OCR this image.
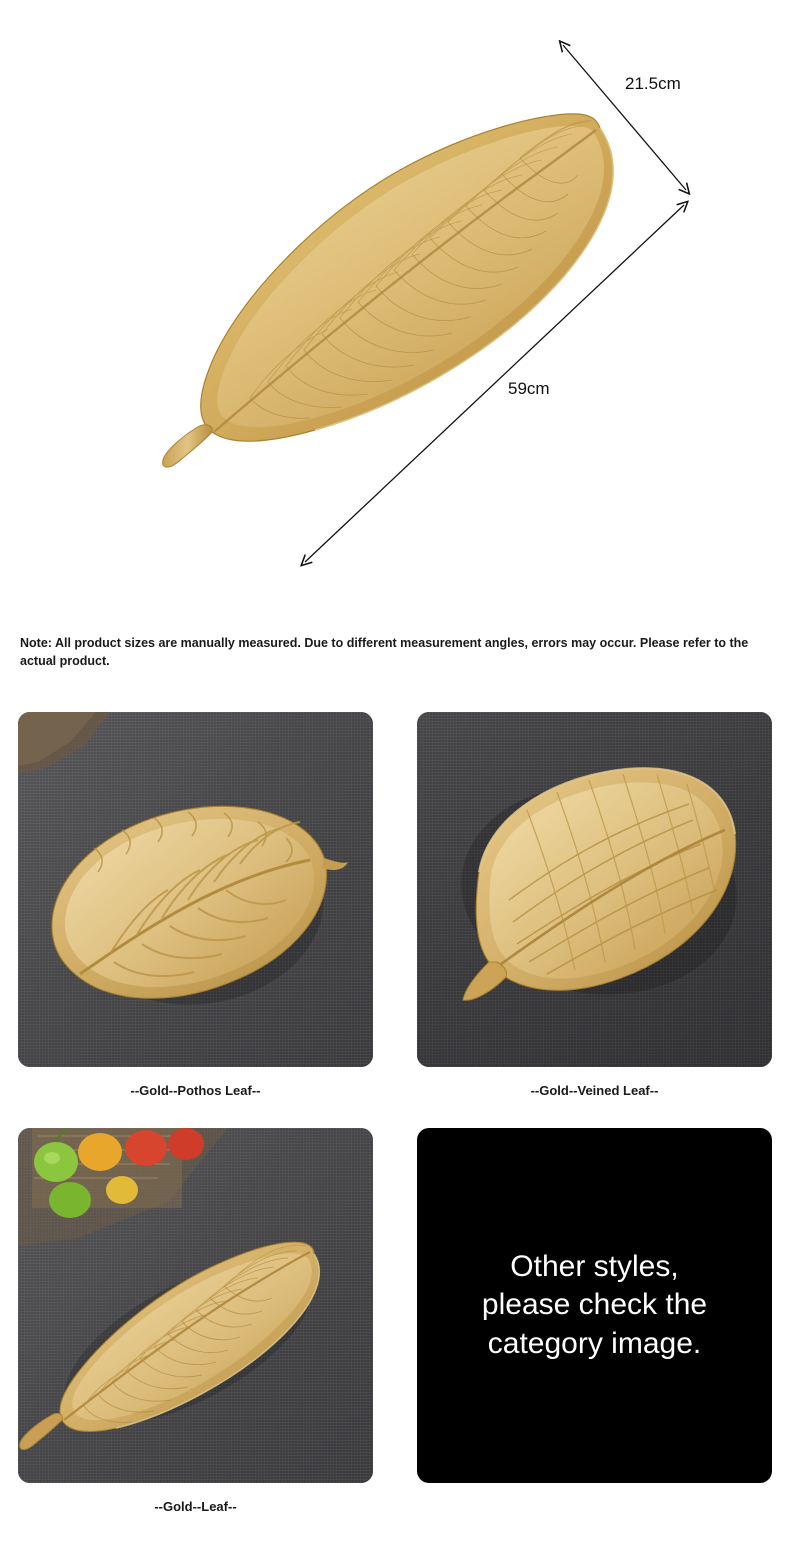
21.5cm
59cm
Note: All product sizes are manually measured. Due to different measurement angles, errors may occur. Please refer to the actual product.
--Gold--Pothos Leaf--	--Gold--Veined Leaf--
--Gold--Leaf--
Other styles,
please check the
category image.
